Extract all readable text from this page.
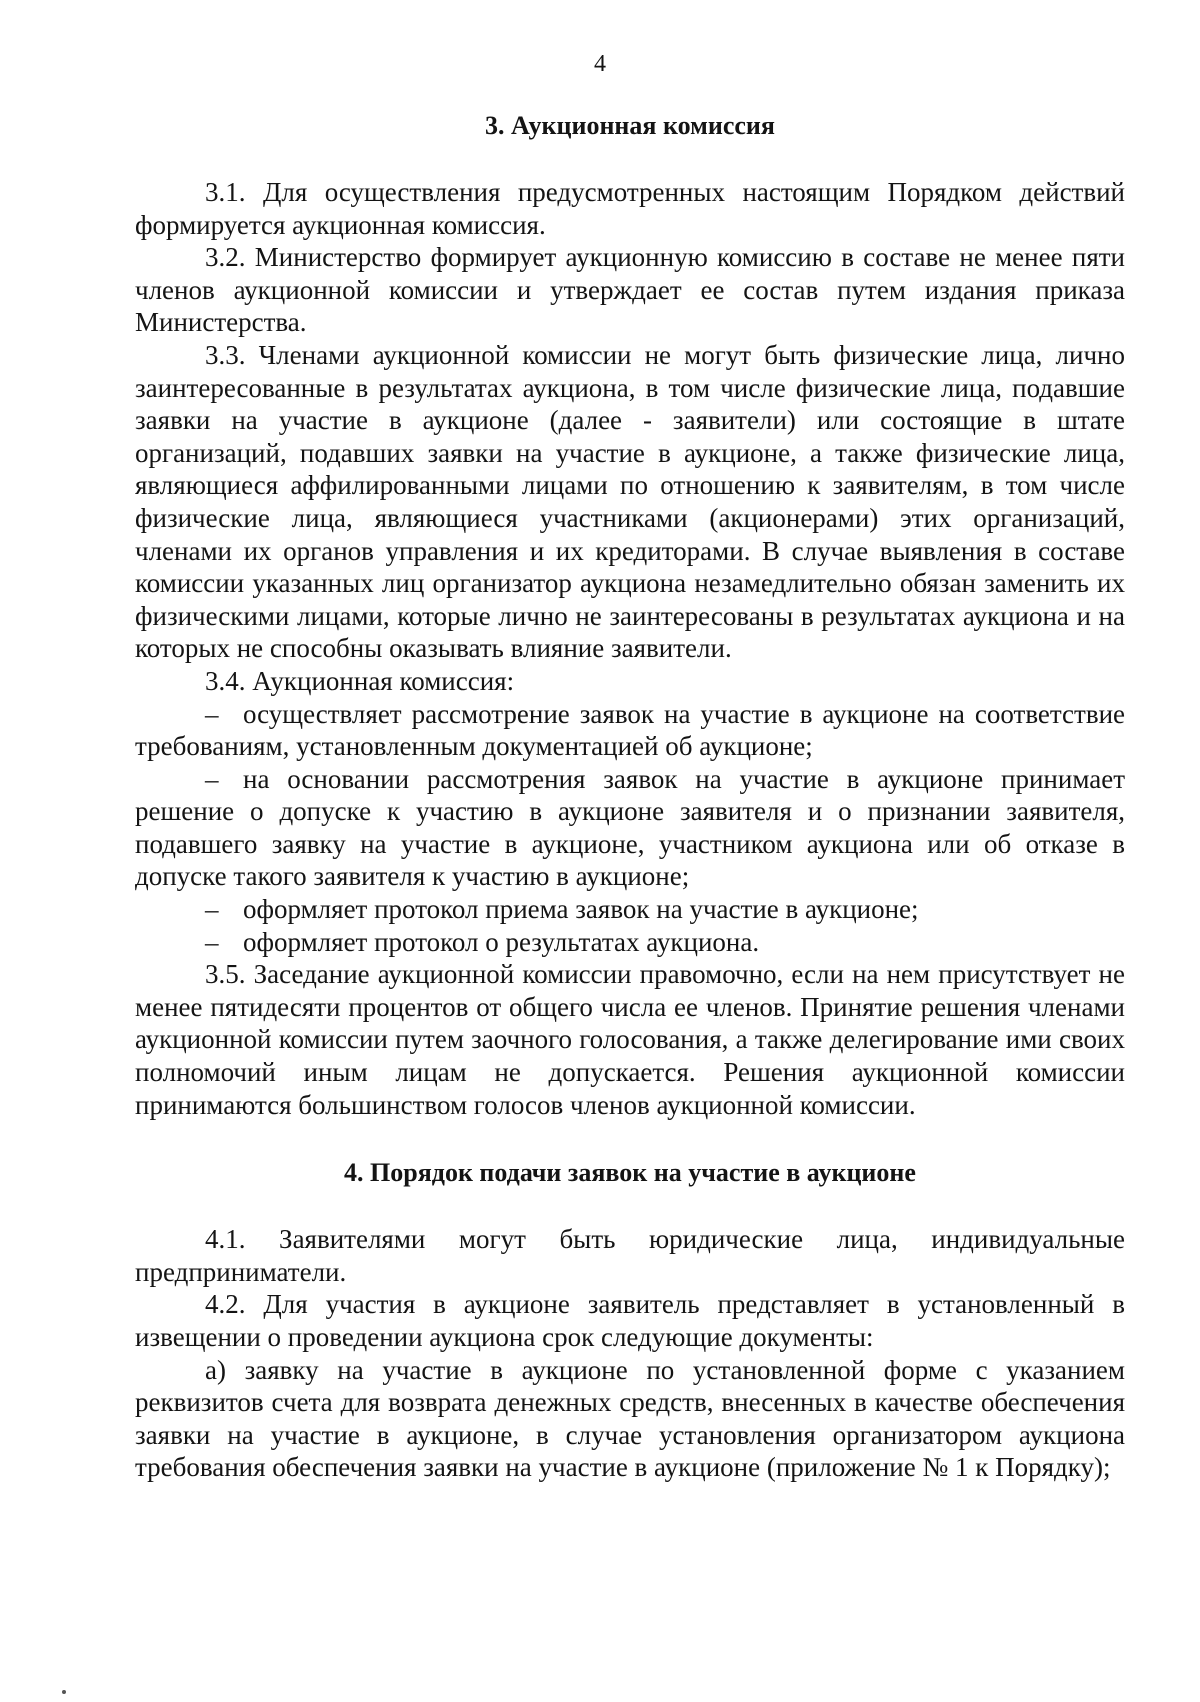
4
3. Аукционная комиссия

3.1. Для осуществления предусмотренных настоящим Порядком действий формируется аукционная комиссия.

3.2. Министерство формирует аукционную комиссию в составе не менее пяти членов аукционной комиссии и утверждает ее состав путем издания приказа Министерства.

3.3. Членами аукционной комиссии не могут быть физические лица, лично заинтересованные в результатах аукциона, в том числе физические лица, подавшие заявки на участие в аукционе (далее - заявители) или состоящие в штате организаций, подавших заявки на участие в аукционе, а также физические лица, являющиеся аффилированными лицами по отношению к заявителям, в том числе физические лица, являющиеся участниками (акционерами) этих организаций, членами их органов управления и их кредиторами. В случае выявления в составе комиссии указанных лиц организатор аукциона незамедлительно обязан заменить их физическими лицами, которые лично не заинтересованы в результатах аукциона и на которых не способны оказывать влияние заявители.

3.4. Аукционная комиссия:

– осуществляет рассмотрение заявок на участие в аукционе на соответствие требованиям, установленным документацией об аукционе;

– на основании рассмотрения заявок на участие в аукционе принимает решение о допуске к участию в аукционе заявителя и о признании заявителя, подавшего заявку на участие в аукционе, участником аукциона или об отказе в допуске такого заявителя к участию в аукционе;

– оформляет протокол приема заявок на участие в аукционе;

– оформляет протокол о результатах аукциона.

3.5. Заседание аукционной комиссии правомочно, если на нем присутствует не менее пятидесяти процентов от общего числа ее членов. Принятие решения членами аукционной комиссии путем заочного голосования, а также делегирование ими своих полномочий иным лицам не допускается. Решения аукционной комиссии принимаются большинством голосов членов аукционной комиссии.

4. Порядок подачи заявок на участие в аукционе

4.1. Заявителями могут быть юридические лица, индивидуальные предприниматели.

4.2. Для участия в аукционе заявитель представляет в установленный в извещении о проведении аукциона срок следующие документы:

а) заявку на участие в аукционе по установленной форме с указанием реквизитов счета для возврата денежных средств, внесенных в качестве обеспечения заявки на участие в аукционе, в случае установления организатором аукциона требования обеспечения заявки на участие в аукционе (приложение № 1 к Порядку);
